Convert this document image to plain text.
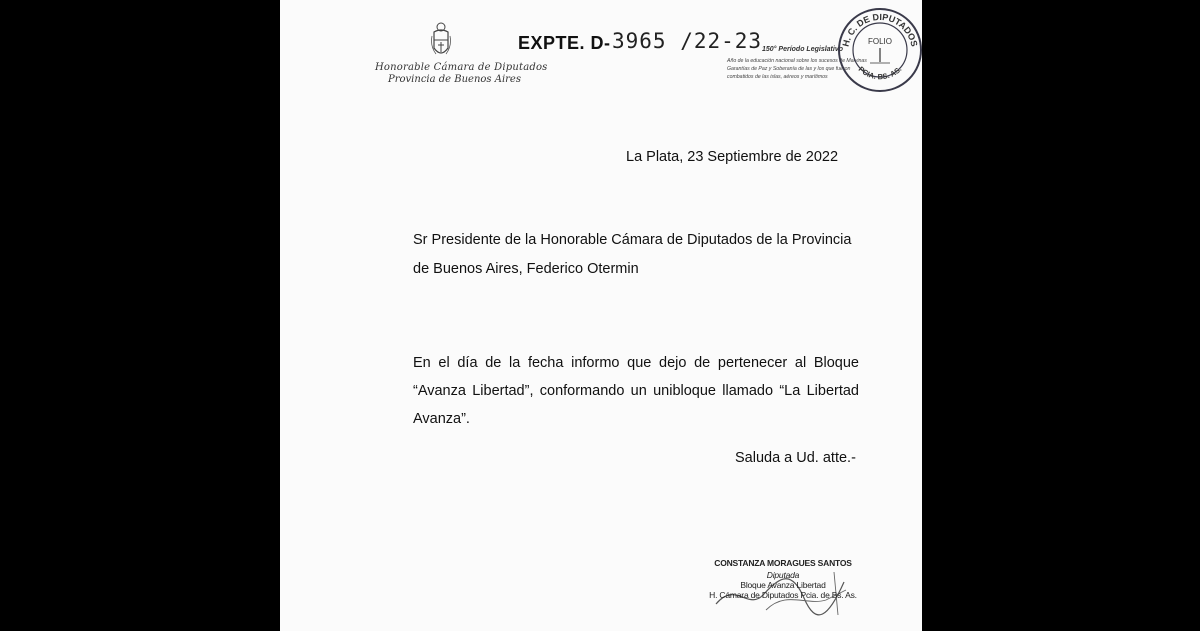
Honorable Cámara de Diputados
Provincia de Buenos Aires
EXPTE. D- 3965 /22-23 150° Período Legislativo
Año de la educación nacional sobre los sucesos de Malvinas
Garantías de Paz y Soberanía de las y los que fueron
combatidos de las islas, aéreos y marítimos
H. C. DE DIPUTADOS
FOLIO
PCIA. BS. AS.
La Plata, 23 Septiembre de 2022
Sr Presidente de la Honorable Cámara de Diputados de la Provincia
de Buenos Aires, Federico Otermin

En el día de la fecha informo que dejo de pertenecer al Bloque “Avanza Libertad”, conformando un unibloque llamado “La Libertad Avanza”.

Saluda a Ud. atte.-
CONSTANZA MORAGUES SANTOS
Diputada
Bloque Avanza Libertad
H. Cámara de Diputados Pcia. de Bs. As.
